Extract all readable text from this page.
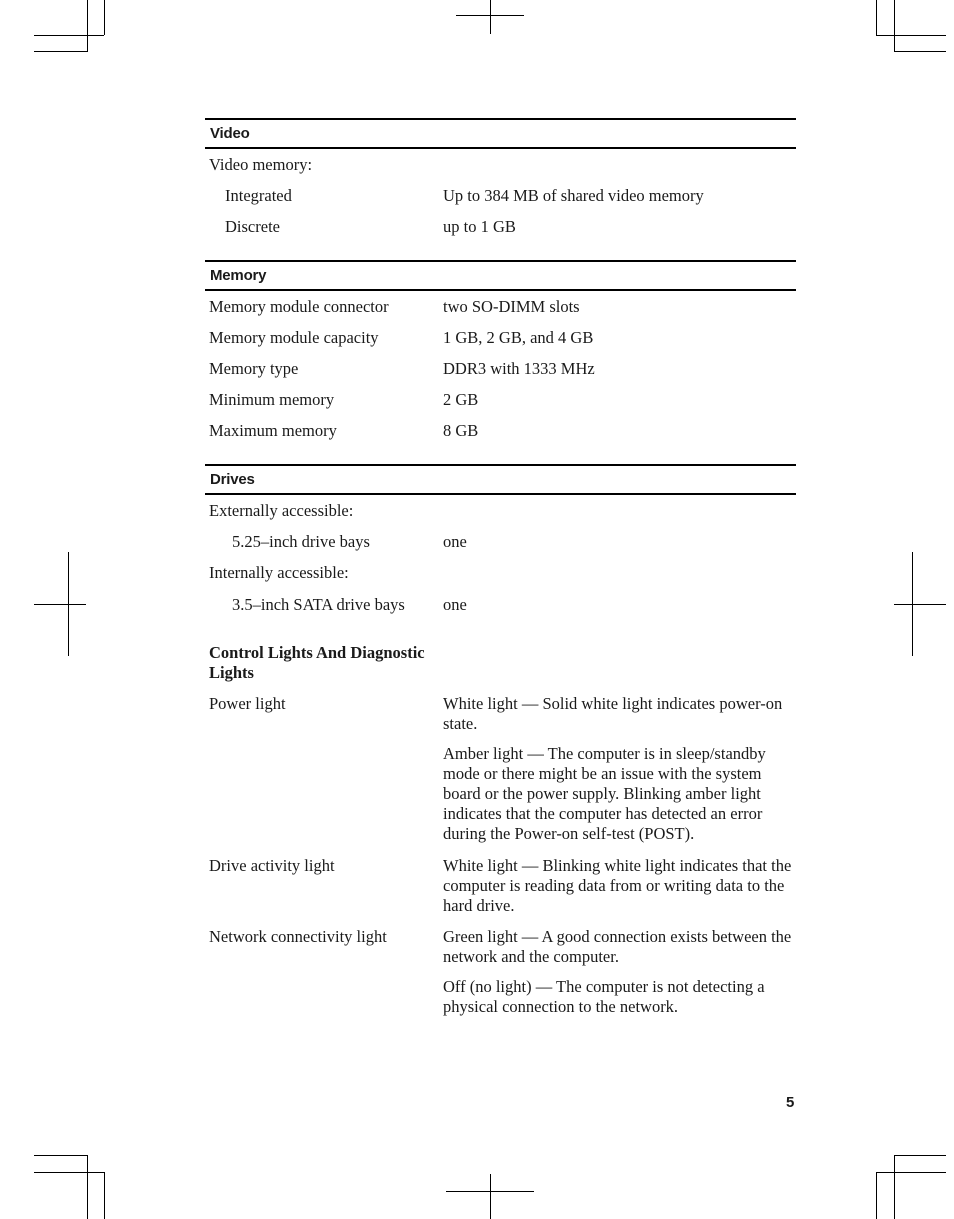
Video
Video memory:
Integrated	Up to 384 MB of shared video memory
Discrete	up to 1 GB
Memory
Memory module connector	two SO-DIMM slots
Memory module capacity	1 GB, 2 GB, and 4 GB
Memory type	DDR3 with 1333 MHz
Minimum memory	2 GB
Maximum memory	8 GB
Drives
Externally accessible:
5.25–inch drive bays	one
Internally accessible:
3.5–inch SATA drive bays one
Control Lights And Diagnostic Lights
Power light	White light — Solid white light indicates power-on state.

Amber light — The computer is in sleep/standby mode or there might be an issue with the system board or the power supply. Blinking amber light indicates that the computer has detected an error during the Power-on self-test (POST).

Drive activity light	White light — Blinking white light indicates that the computer is reading data from or writing data to the hard drive.

Network connectivity light	Green light — A good connection exists between the network and the computer.

Off (no light) — The computer is not detecting a physical connection to the network.

5
